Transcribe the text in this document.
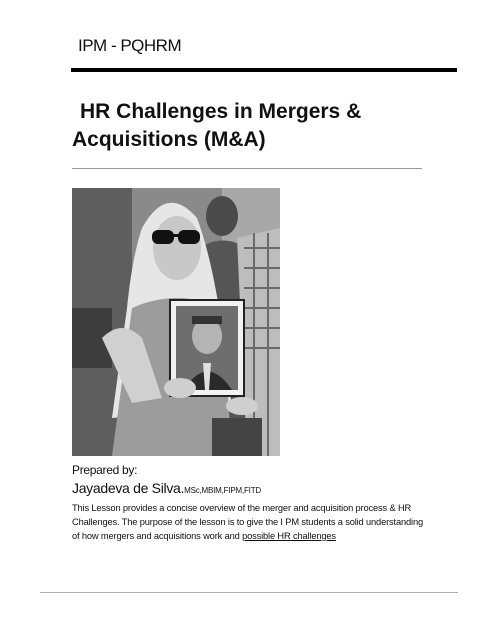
IPM - PQHRM
HR Challenges in Mergers &
Acquisitions (M&A)
Prepared by:
Jayadeva de Silva.MSc,MBIM,FIPM,FITD
This Lesson provides a concise overview of the merger and acquisition process & HR
Challenges. The purpose of the lesson is to give the I PM students a solid understanding
of how mergers and acquisitions work and possible HR challenges
